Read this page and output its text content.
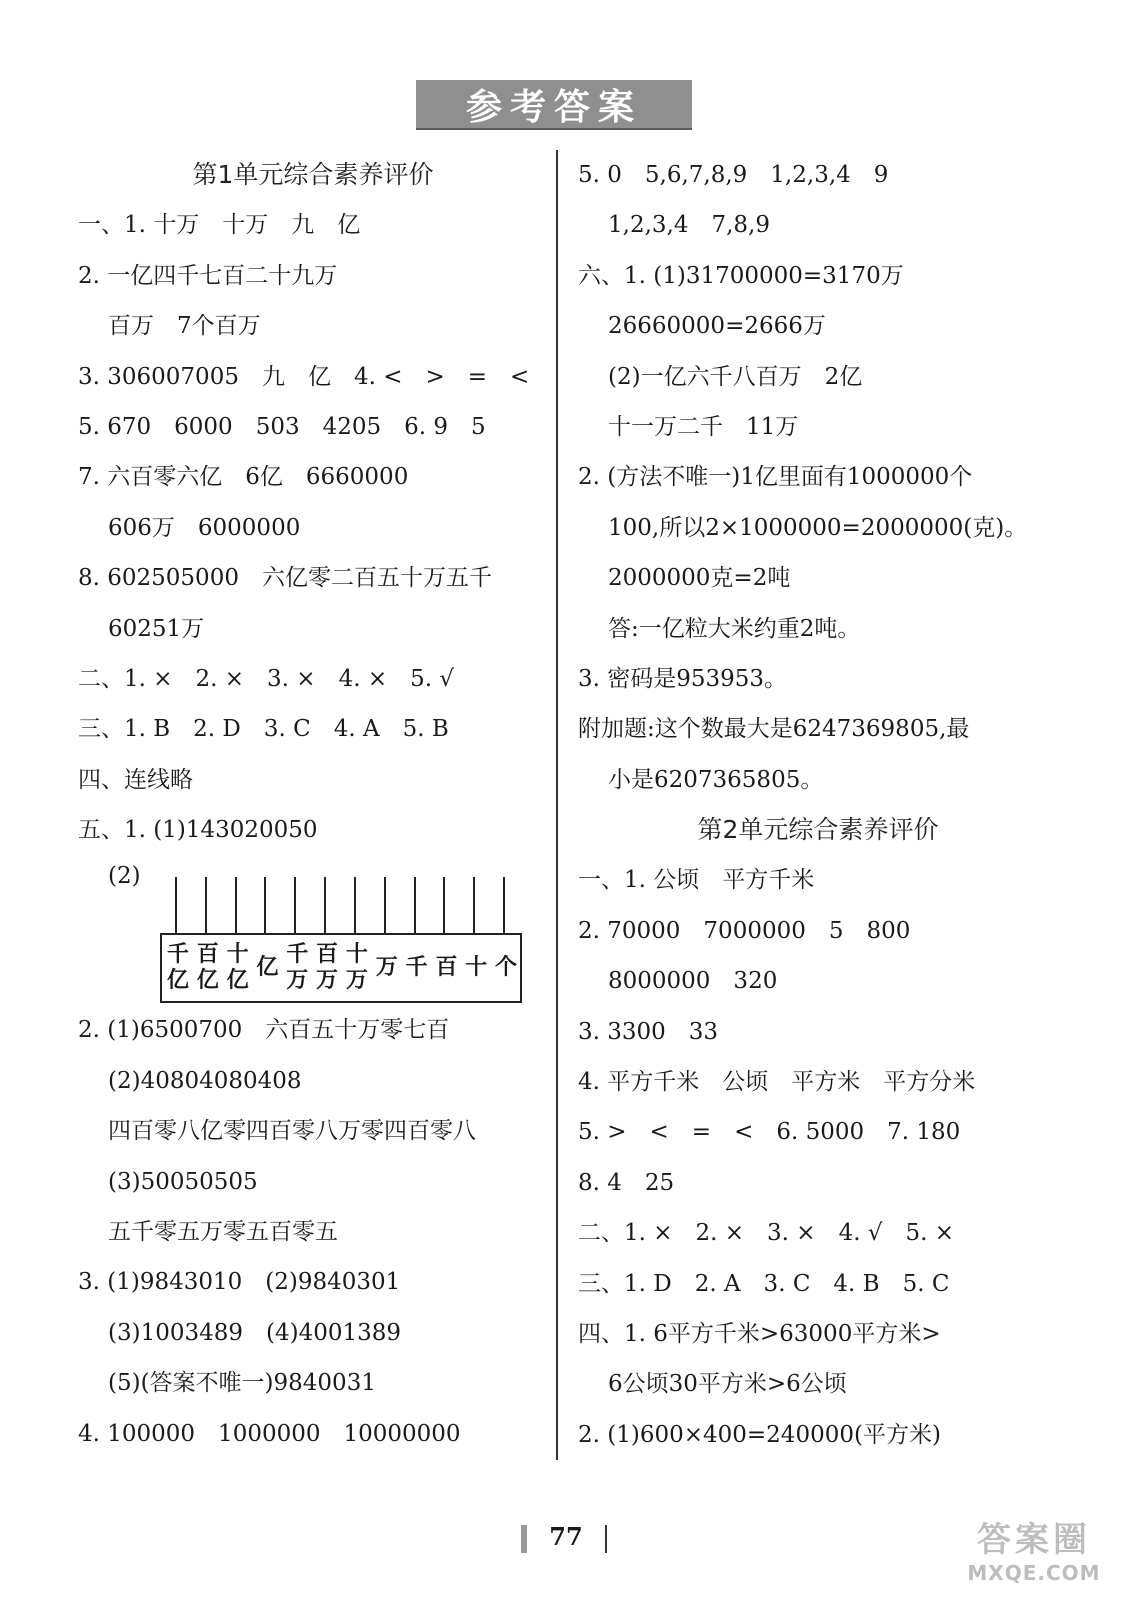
参考答案
第1单元综合素养评价
一、1. 十万　十万　九　亿
2. 一亿四千七百二十九万
百万　7个百万
3. 306007005　九　亿　4. <　>　=　<
5. 670　6000　503　4205　6. 9　5
7. 六百零六亿　6亿　6660000
606万　6000000
8. 602505000　六亿零二百五十万五千
60251万
二、1. ×　2. ×　3. ×　4. ×　5. √
三、1. B　2. D　3. C　4. A　5. B
四、连线略
五、1. (1)143020050
(2)
千亿
百亿
十亿
亿
千万
百万
十万
万 千 百 十 个
2. (1)6500700　六百五十万零七百
(2)40804080408
四百零八亿零四百零八万零四百零八
(3)50050505
五千零五万零五百零五
3. (1)9843010　(2)9840301
(3)1003489　(4)4001389
(5)(答案不唯一)9840031
4. 100000　1000000　10000000
5. 0　5,6,7,8,9　1,2,3,4　9
1,2,3,4　7,8,9
六、1. (1)31700000=3170万
26660000=2666万
(2)一亿六千八百万　2亿
十一万二千　11万
2. (方法不唯一)1亿里面有1000000个
100,所以2×1000000=2000000(克)。
2000000克=2吨
答:一亿粒大米约重2吨。
3. 密码是953953。
附加题:这个数最大是6247369805,最
小是6207365805。
第2单元综合素养评价
一、1. 公顷　平方千米
2. 70000　7000000　5　800
8000000　320
3. 3300　33
4. 平方千米　公顷　平方米　平方分米
5. >　<　=　<　6. 5000　7. 180
8. 4　25
二、1. ×　2. ×　3. ×　4. √　5. ×
三、1. D　2. A　3. C　4. B　5. C
四、1. 6平方千米>63000平方米>
6公顷30平方米>6公顷
2. (1)600×400=240000(平方米)
77	答案圈
MXQE.COM
